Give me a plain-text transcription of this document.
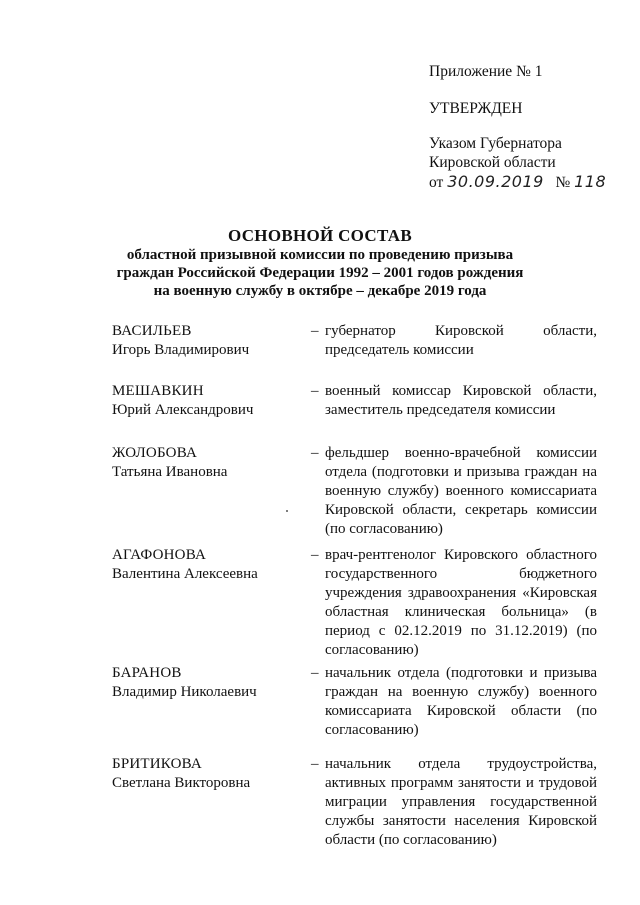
Приложение № 1
УТВЕРЖДЕН
Указом Губернатора
Кировской области
от 30.09.2019 № 118
ОСНОВНОЙ СОСТАВ
областной призывной комиссии по проведению призыва
граждан Российской Федерации 1992 – 2001 годов рождения
на военную службу в октябре – декабре 2019 года
ВАСИЛЬЕВ
Игорь Владимирович
– губернатор Кировской области, председатель комиссии
МЕШАВКИН
Юрий Александрович
– военный комиссар Кировской области, заместитель председателя комиссии
ЖОЛОБОВА
Татьяна Ивановна
– фельдшер военно-врачебной комиссии отдела (подготовки и призыва граждан на военную службу) военного комиссариата Кировской области, секретарь комиссии (по согласованию)
АГАФОНОВА
Валентина Алексеевна
– врач-рентгенолог Кировского областного государственного бюджетного учреждения здравоохранения «Кировская областная клиническая больница» (в период с 02.12.2019 по 31.12.2019) (по согласованию)
БАРАНОВ
Владимир Николаевич
– начальник отдела (подготовки и призыва граждан на военную службу) военного комиссариата Кировской области (по согласованию)
БРИТИКОВА
Светлана Викторовна
– начальник отдела трудоустройства, активных программ занятости и трудовой миграции управления государственной службы занятости населения Кировской области (по согласованию)
